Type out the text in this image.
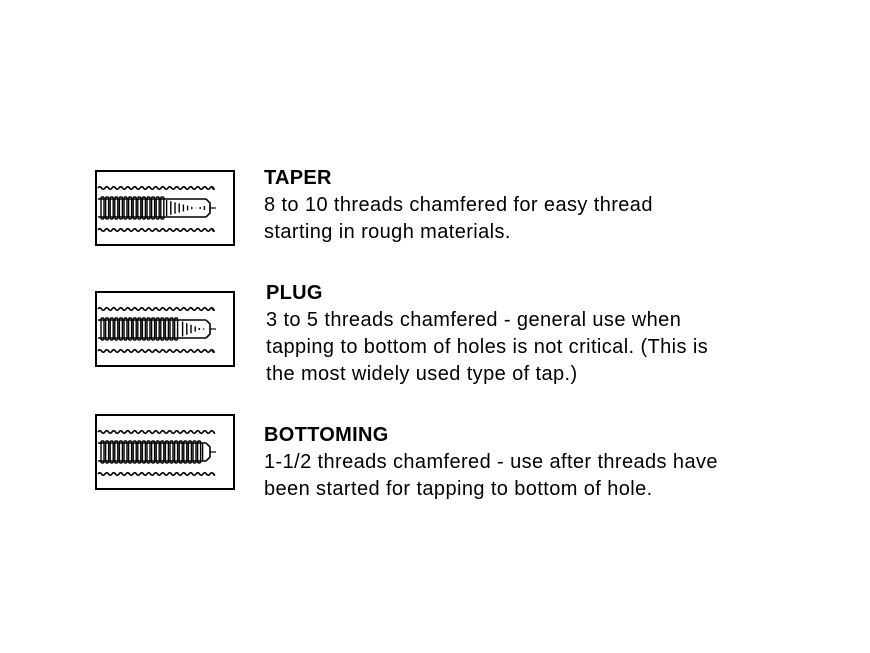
TAPER
8 to 10 threads chamfered for easy thread
starting in rough materials.
PLUG
3 to 5 threads chamfered - general use when
tapping to bottom of holes is not critical. (This is
the most widely used type of tap.)
BOTTOMING
1-1/2 threads chamfered - use after threads have
been started for tapping to bottom of hole.
